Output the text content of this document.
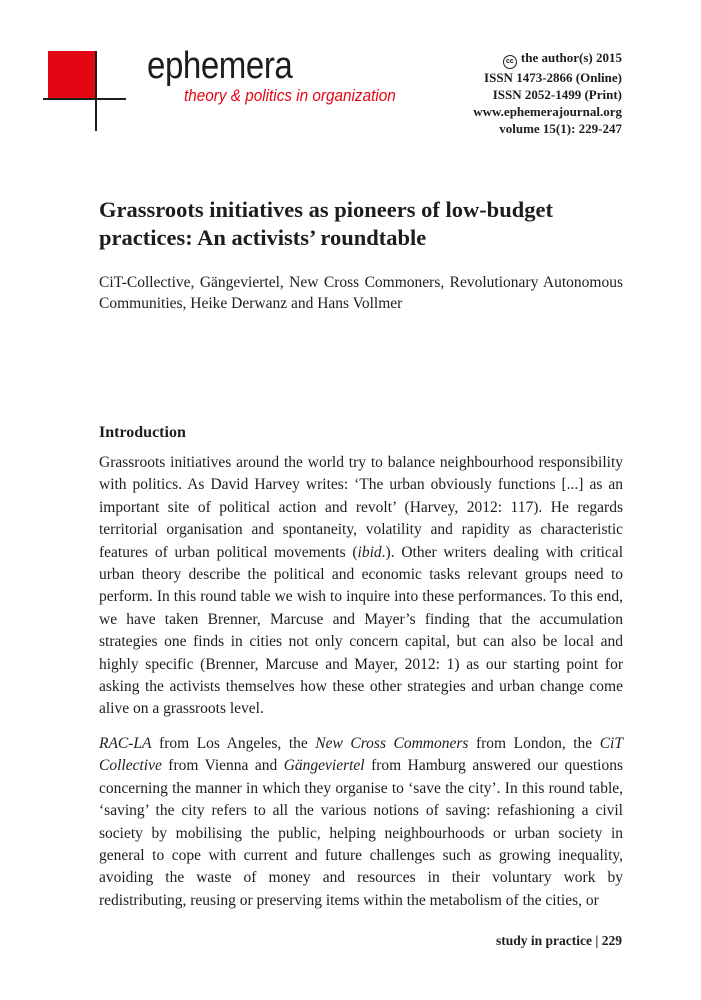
ephemera
theory & politics in organization
cc the author(s) 2015
ISSN 1473-2866 (Online)
ISSN 2052-1499 (Print)
www.ephemerajournal.org
volume 15(1): 229-247
Grassroots initiatives as pioneers of low-budget practices: An activists’ roundtable
CiT-Collective, Gängeviertel, New Cross Commoners, Revolutionary Autonomous Communities, Heike Derwanz and Hans Vollmer
Introduction

Grassroots initiatives around the world try to balance neighbourhood responsibility with politics. As David Harvey writes: ‘The urban obviously functions [...] as an important site of political action and revolt’ (Harvey, 2012: 117). He regards territorial organisation and spontaneity, volatility and rapidity as characteristic features of urban political movements (ibid.). Other writers dealing with critical urban theory describe the political and economic tasks relevant groups need to perform. In this round table we wish to inquire into these performances. To this end, we have taken Brenner, Marcuse and Mayer’s finding that the accumulation strategies one finds in cities not only concern capital, but can also be local and highly specific (Brenner, Marcuse and Mayer, 2012: 1) as our starting point for asking the activists themselves how these other strategies and urban change come alive on a grassroots level.

RAC-LA from Los Angeles, the New Cross Commoners from London, the CiT Collective from Vienna and Gängeviertel from Hamburg answered our questions concerning the manner in which they organise to ‘save the city’. In this round table, ‘saving’ the city refers to all the various notions of saving: refashioning a civil society by mobilising the public, helping neighbourhoods or urban society in general to cope with current and future challenges such as growing inequality, avoiding the waste of money and resources in their voluntary work by redistributing, reusing or preserving items within the metabolism of the cities, or

study in practice | 229
